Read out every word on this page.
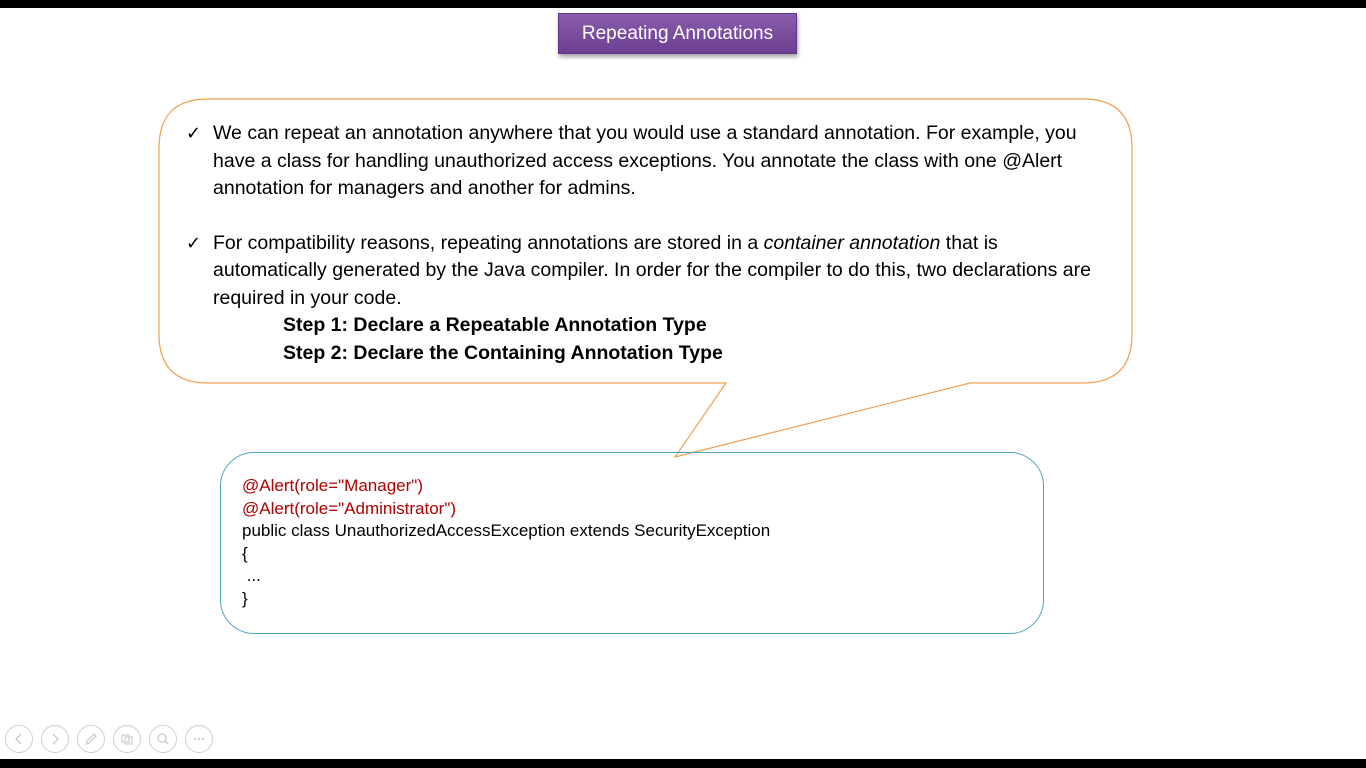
Repeating Annotations
✓ We can repeat an annotation anywhere that you would use a standard annotation. For example, you have a class for handling unauthorized access exceptions. You annotate the class with one @Alert annotation for managers and another for admins.
✓ For compatibility reasons, repeating annotations are stored in a container annotation that is automatically generated by the Java compiler. In order for the compiler to do this, two declarations are required in your code.
Step 1: Declare a Repeatable Annotation Type
Step 2: Declare the Containing Annotation Type
@Alert(role="Manager")
@Alert(role="Administrator")
public class UnauthorizedAccessException extends SecurityException
{
...
}
